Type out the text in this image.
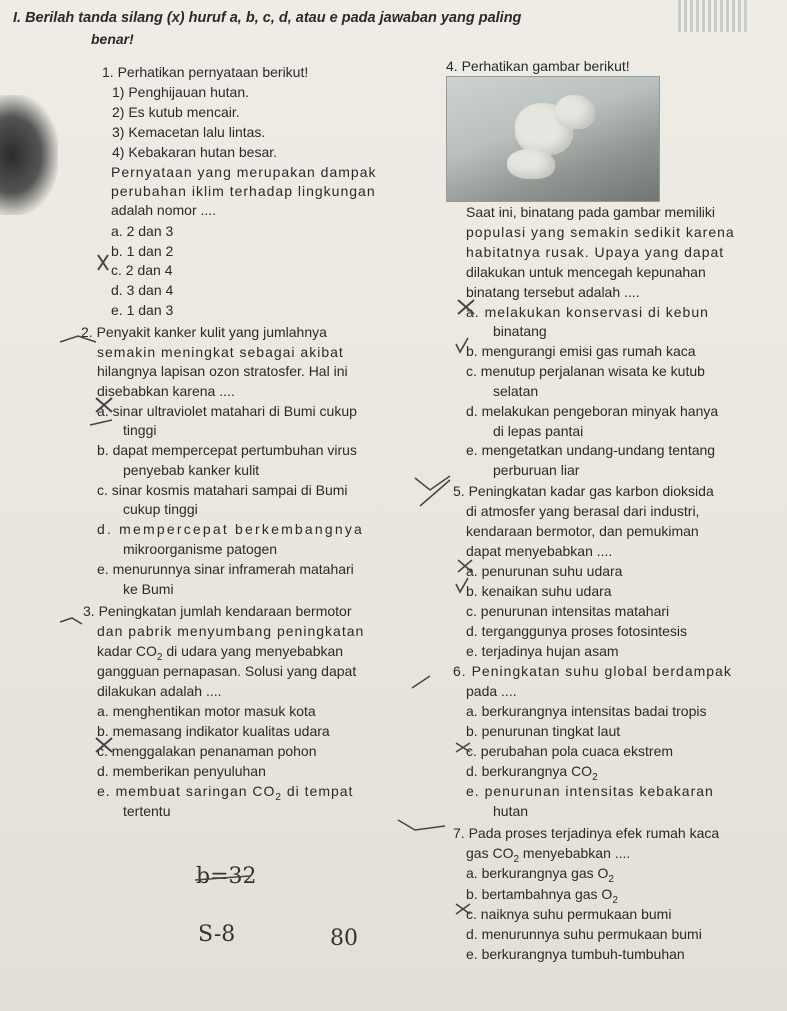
I. Berilah tanda silang (x) huruf a, b, c, d, atau e pada jawaban yang paling
benar!
1. Perhatikan pernyataan berikut!
1) Penghijauan hutan.
2) Es kutub mencair.
3) Kemacetan lalu lintas.
4) Kebakaran hutan besar.
Pernyataan yang merupakan dampak
perubahan iklim terhadap lingkungan
adalah nomor ....
a. 2 dan 3
b. 1 dan 2
c. 2 dan 4
d. 3 dan 4
e. 1 dan 3
2. Penyakit kanker kulit yang jumlahnya
semakin meningkat sebagai akibat
hilangnya lapisan ozon stratosfer. Hal ini
disebabkan karena ....
a. sinar ultraviolet matahari di Bumi cukup
tinggi
b. dapat mempercepat pertumbuhan virus
penyebab kanker kulit
c. sinar kosmis matahari sampai di Bumi
cukup tinggi
d. mempercepat berkembangnya
mikroorganisme patogen
e. menurunnya sinar inframerah matahari
ke Bumi
3. Peningkatan jumlah kendaraan bermotor
dan pabrik menyumbang peningkatan
kadar $CO_2$ di udara yang menyebabkan
gangguan pernapasan. Solusi yang dapat
dilakukan adalah ....
a. menghentikan motor masuk kota
b. memasang indikator kualitas udara
c. menggalakan penanaman pohon
d. memberikan penyuluhan
e. membuat saringan $CO_2$ di tempat
tertentu
4. Perhatikan gambar berikut!
Saat ini, binatang pada gambar memiliki
populasi yang semakin sedikit karena
habitatnya rusak. Upaya yang dapat
dilakukan untuk mencegah kepunahan
binatang tersebut adalah ....
a. melakukan konservasi di kebun
binatang
b. mengurangi emisi gas rumah kaca
c. menutup perjalanan wisata ke kutub
selatan
d. melakukan pengeboran minyak hanya
di lepas pantai
e. mengetatkan undang-undang tentang
perburuan liar
5. Peningkatan kadar gas karbon dioksida
di atmosfer yang berasal dari industri,
kendaraan bermotor, dan pemukiman
dapat menyebabkan ....
a. penurunan suhu udara
b. kenaikan suhu udara
c. penurunan intensitas matahari
d. terganggunya proses fotosintesis
e. terjadinya hujan asam
6. Peningkatan suhu global berdampak
pada ....
a. berkurangnya intensitas badai tropis
b. penurunan tingkat laut
c. perubahan pola cuaca ekstrem
d. berkurangnya $CO_2$
e. penurunan intensitas kebakaran
hutan
7. Pada proses terjadinya efek rumah kaca
gas $CO_2$ menyebabkan ....
a. berkurangnya gas $O_2$
b. bertambahnya gas $O_2$
c. naiknya suhu permukaan bumi
d. menurunnya suhu permukaan bumi
e. berkurangnya tumbuh-tumbuhan
b=32
S-8	80
